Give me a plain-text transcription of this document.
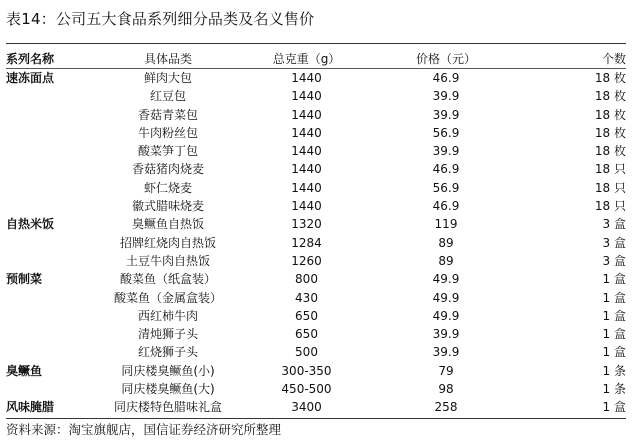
表14：公司五大食品系列细分品类及名义售价
系列名称	具体品类	总克重（g）	价格（元）	个数

速冻面点	鲜肉大包	1440	46.9	18 枚
	红豆包	1440	39.9	18 枚
	香菇青菜包	1440	39.9	18 枚
	牛肉粉丝包	1440	56.9	18 枚
	酸菜笋丁包	1440	39.9	18 枚
	香菇猪肉烧麦	1440	46.9	18 只
	虾仁烧麦	1440	56.9	18 只
	徽式腊味烧麦	1440	46.9	18 只
自热米饭	臭鳜鱼自热饭	1320	119	3 盒
	招牌红烧肉自热饭	1284	89	3 盒
	土豆牛肉自热饭	1260	89	3 盒
预制菜	酸菜鱼（纸盒装）	800	49.9	1 盒
	酸菜鱼（金属盒装）	430	49.9	1 盒
	西红柿牛肉	650	49.9	1 盒
	清炖狮子头	650	39.9	1 盒
	红烧狮子头	500	39.9	1 盒
臭鳜鱼	同庆楼臭鳜鱼(小)	300-350	79	1 条
	同庆楼臭鳜鱼(大)	450-500	98	1 条
风味腌腊	同庆楼特色腊味礼盒	3400	258	1 盒
资料来源：淘宝旗舰店，国信证券经济研究所整理
